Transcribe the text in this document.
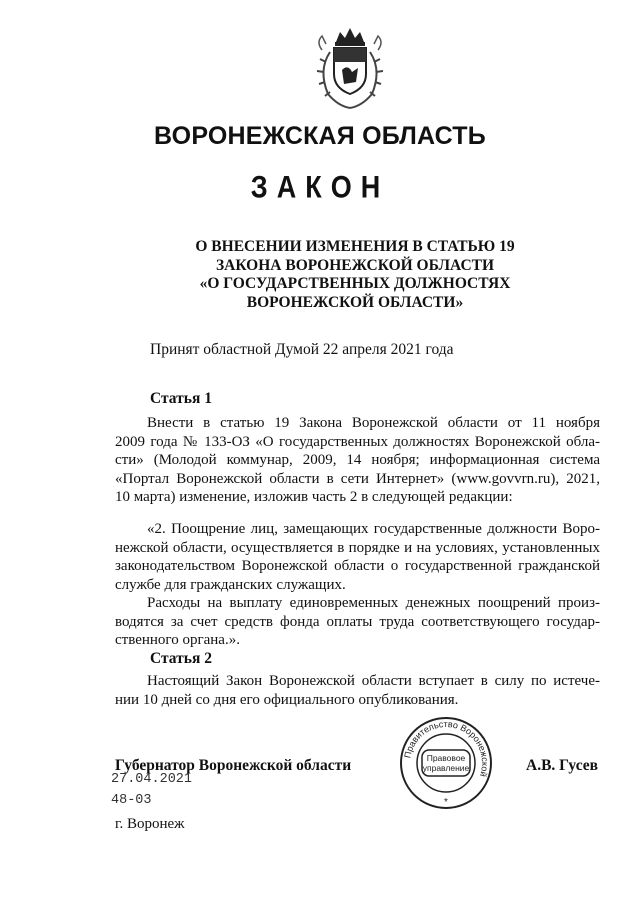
ВОРОНЕЖСКАЯ ОБЛАСТЬ
ЗАКОН
О ВНЕСЕНИИ ИЗМЕНЕНИЯ В СТАТЬЮ 19
ЗАКОНА ВОРОНЕЖСКОЙ ОБЛАСТИ
«О ГОСУДАРСТВЕННЫХ ДОЛЖНОСТЯХ
ВОРОНЕЖСКОЙ ОБЛАСТИ»
Принят областной Думой 22 апреля 2021 года
Статья 1
Внести в статью 19 Закона Воронежской области от 11 ноября
2009 года № 133-ОЗ «О государственных должностях Воронежской обла-
сти» (Молодой коммунар, 2009, 14 ноября; информационная система
«Портал Воронежской области в сети Интернет» (www.govvrn.ru), 2021,
10 марта) изменение, изложив часть 2 в следующей редакции:
«2. Поощрение лиц, замещающих государственные должности Воро-
нежской области, осуществляется в порядке и на условиях, установленных
законодательством Воронежской области о государственной гражданской
службе для гражданских служащих.
Расходы на выплату единовременных денежных поощрений произ-
водятся за счет средств фонда оплаты труда соответствующего государ-
ственного органа.».
Статья 2
Настоящий Закон Воронежской области вступает в силу по истече-
нии 10 дней со дня его официального опубликования.
Губернатор Воронежской области	А.В. Гусев
Правительство Воронежской
Правовое
управление
*
27.04.2021
48-03
г. Воронеж
